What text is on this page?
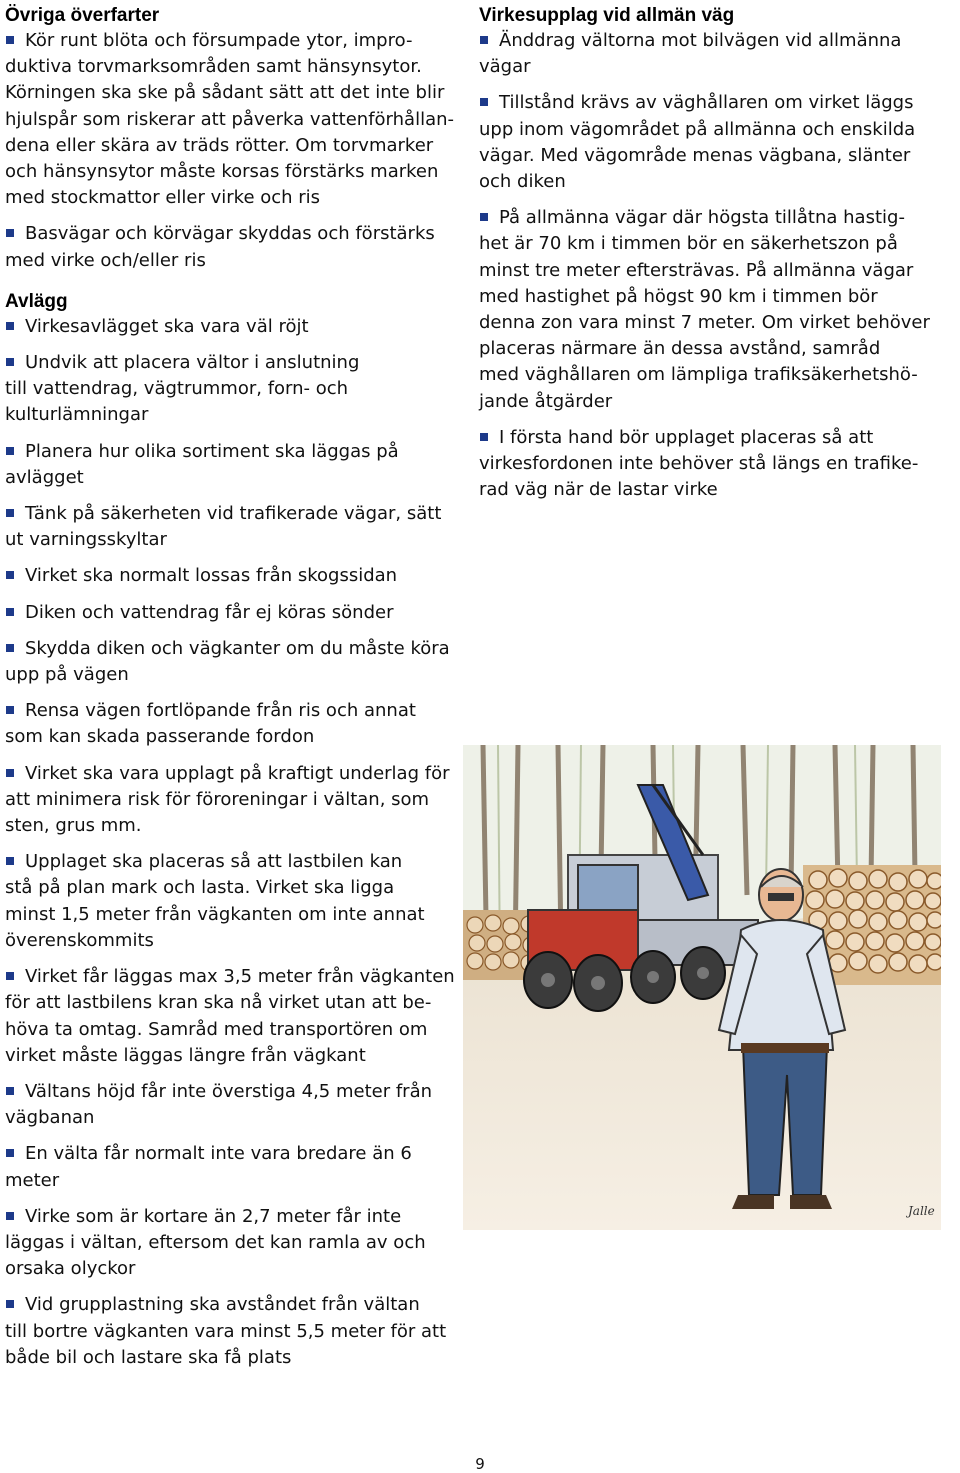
Övriga överfarter
Kör runt blöta och försumpade ytor, impro-
duktiva torvmarksområden samt hänsynsytor.
Körningen ska ske på sådant sätt att det inte blir
hjulspår som riskerar att påverka vattenförhållan-
dena eller skära av träds rötter. Om torvmarker
och hänsynsytor måste korsas förstärks marken
med stockmattor eller virke och ris
Basvägar och körvägar skyddas och förstärks
med virke och/eller ris
Avlägg
Virkesavlägget ska vara väl röjt
Undvik att placera vältor i anslutning
till vattendrag, vägtrummor, forn- och
kulturlämningar
Planera hur olika sortiment ska läggas på
avlägget
Tänk på säkerheten vid trafikerade vägar, sätt
ut varningsskyltar
Virket ska normalt lossas från skogssidan
Diken och vattendrag får ej köras sönder
Skydda diken och vägkanter om du måste köra
upp på vägen
Rensa vägen fortlöpande från ris och annat
som kan skada passerande fordon
Virket ska vara upplagt på kraftigt underlag för
att minimera risk för föroreningar i vältan, som
sten, grus mm.
Upplaget ska placeras så att lastbilen kan
stå på plan mark och lasta. Virket ska ligga
minst 1,5 meter från vägkanten om inte annat
överenskommits
Virket får läggas max 3,5 meter från vägkanten
för att lastbilens kran ska nå virket utan att be-
höva ta omtag. Samråd med transportören om
virket måste läggas längre från vägkant
Vältans höjd får inte överstiga 4,5 meter från
vägbanan
En välta får normalt inte vara bredare än 6
meter
Virke som är kortare än 2,7 meter får inte
läggas i vältan, eftersom det kan ramla av och
orsaka olyckor
Vid grupplastning ska avståndet från vältan
till bortre vägkanten vara minst 5,5 meter för att
både bil och lastare ska få plats
Virkesupplag vid allmän väg
Änddrag vältorna mot bilvägen vid allmänna
vägar
Tillstånd krävs av väghållaren om virket läggs
upp inom vägområdet på allmänna och enskilda
vägar. Med vägområde menas vägbana, slänter
och diken
På allmänna vägar där högsta tillåtna hastig-
het är 70 km i timmen bör en säkerhetszon på
minst tre meter eftersträvas. På allmänna vägar
med hastighet på högst 90 km i timmen bör
denna zon vara minst 7 meter. Om virket behöver
placeras närmare än dessa avstånd, samråd
med väghållaren om lämpliga trafiksäkerhetshö-
jande åtgärder
I första hand bör upplaget placeras så att
virkesfordonen inte behöver stå längs en trafike-
rad väg när de lastar virke
Jalle
9
